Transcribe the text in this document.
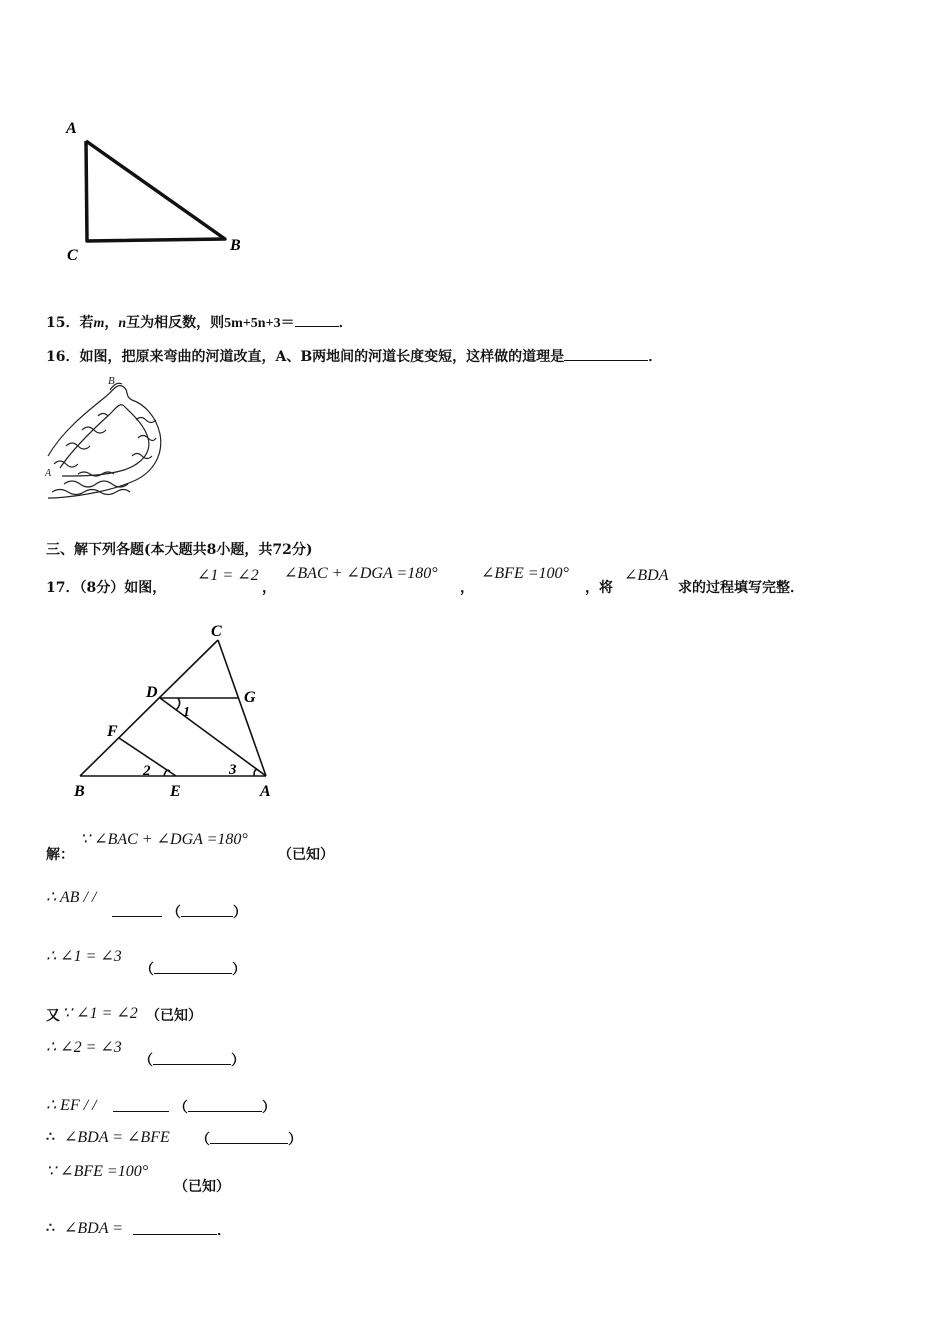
A
C
B
15．若m，n互为相反数，则5m+5n+3＝	．
16．如图，把原来弯曲的河道改直，A、B两地间的河道长度变短，这样做的道理是	．
B
A
三、解下列各题(本大题共8小题，共72分)
17．（8分）如图，
∠1 = ∠2
，
∠BAC + ∠DGA =180°
，
∠BFE =100°
，将
∠BDA
求的过程填写完整．
C
D	G
F
1
2	3
B	E	A
解：
∵ ∠BAC + ∠DGA =180°
（已知）
∴ AB / /
（	）
∴ ∠1 = ∠3
（	）
又 ∵ ∠1 = ∠2 （已知）
∴ ∠2 = ∠3
（	）
∴ EF / /	（	）
∴ ∠BDA = ∠BFE （	）
∵ ∠BFE =100°
（已知）
∴ ∠BDA =	．
